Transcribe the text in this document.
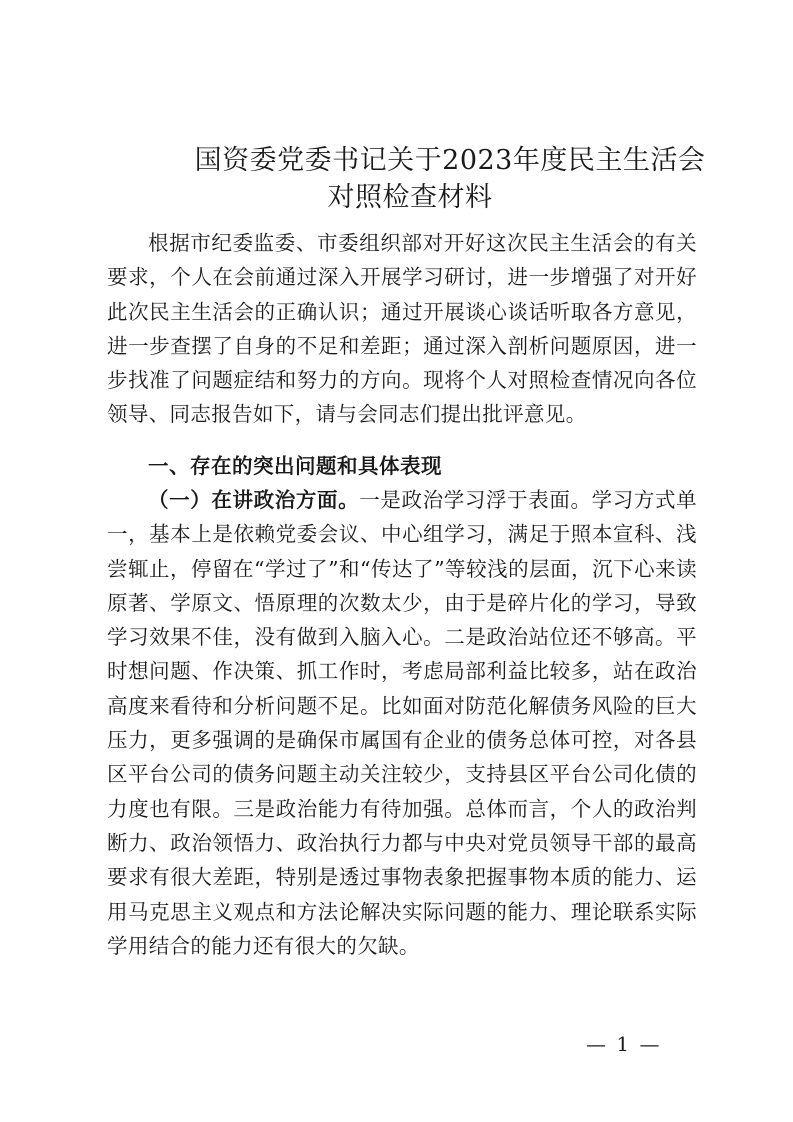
国资委党委书记关于2023年度民主生活会
对照检查材料

根据市纪委监委、市委组织部对开好这次民主生活会的有关要求，个人在会前通过深入开展学习研讨，进一步增强了对开好此次民主生活会的正确认识；通过开展谈心谈话听取各方意见，进一步查摆了自身的不足和差距；通过深入剖析问题原因，进一步找准了问题症结和努力的方向。现将个人对照检查情况向各位领导、同志报告如下，请与会同志们提出批评意见。

一、存在的突出问题和具体表现

（一）在讲政治方面。一是政治学习浮于表面。学习方式单一，基本上是依赖党委会议、中心组学习，满足于照本宣科、浅尝辄止，停留在“学过了”和“传达了”等较浅的层面，沉下心来读原著、学原文、悟原理的次数太少，由于是碎片化的学习，导致学习效果不佳，没有做到入脑入心。二是政治站位还不够高。平时想问题、作决策、抓工作时，考虑局部利益比较多，站在政治高度来看待和分析问题不足。比如面对防范化解债务风险的巨大压力，更多强调的是确保市属国有企业的债务总体可控，对各县区平台公司的债务问题主动关注较少，支持县区平台公司化债的力度也有限。三是政治能力有待加强。总体而言，个人的政治判断力、政治领悟力、政治执行力都与中央对党员领导干部的最高要求有很大差距，特别是透过事物表象把握事物本质的能力、运用马克思主义观点和方法论解决实际问题的能力、理论联系实际学用结合的能力还有很大的欠缺。

— 1 —
